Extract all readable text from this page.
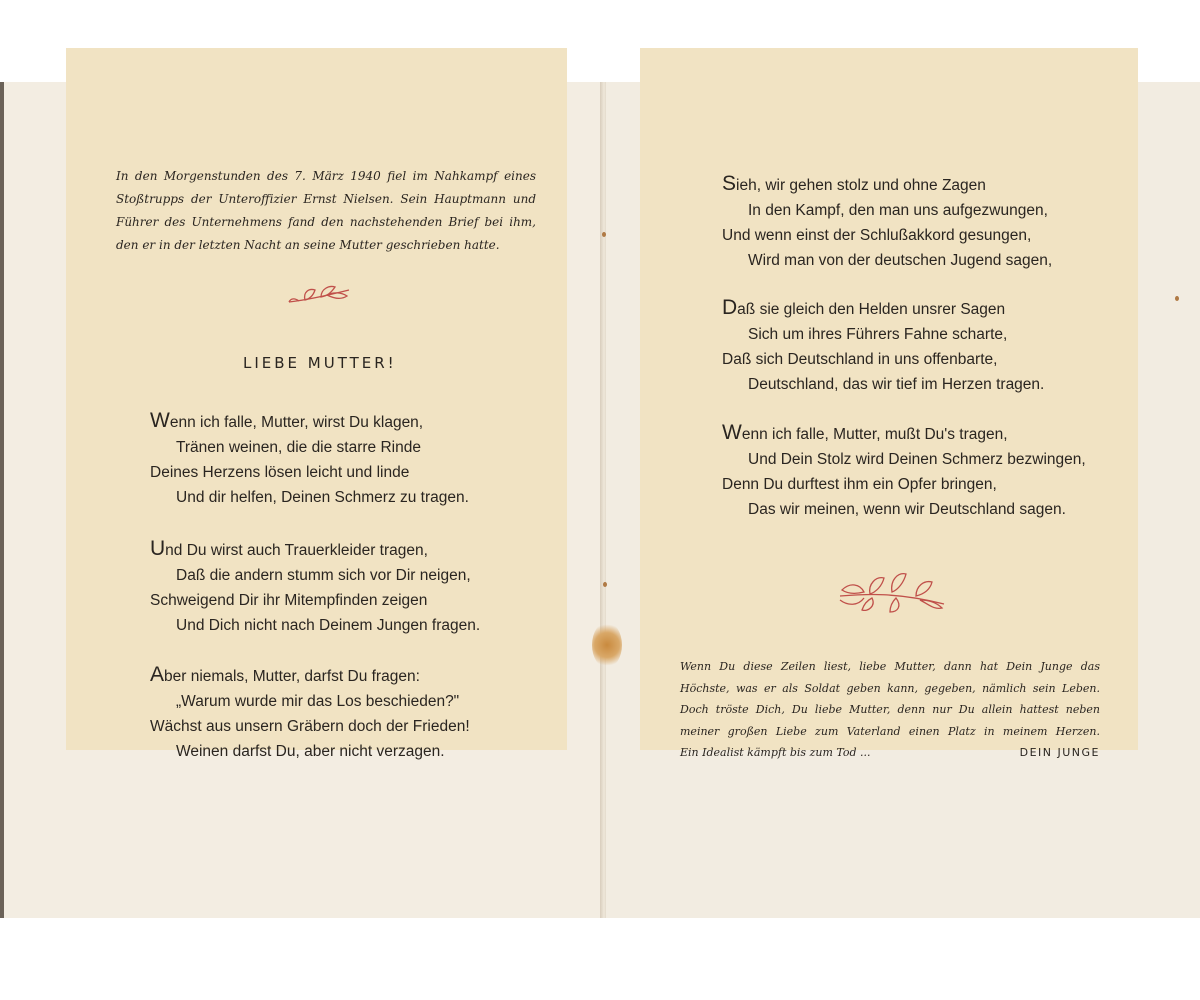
In den Morgenstunden des 7. März 1940 fiel im Nahkampf eines Stoßtrupps der Unteroffizier Ernst Nielsen. Sein Hauptmann und Führer des Unternehmens fand den nachstehenden Brief bei ihm, den er in der letzten Nacht an seine Mutter geschrieben hatte.

LIEBE MUTTER!
Wenn ich falle, Mutter, wirst Du klagen,
Tränen weinen, die die starre Rinde
Deines Herzens lösen leicht und linde
Und dir helfen, Deinen Schmerz zu tragen.
Und Du wirst auch Trauerkleider tragen,
Daß die andern stumm sich vor Dir neigen,
Schweigend Dir ihr Mitempfinden zeigen
Und Dich nicht nach Deinem Jungen fragen.
Aber niemals, Mutter, darfst Du fragen:
„Warum wurde mir das Los beschieden?"
Wächst aus unsern Gräbern doch der Frieden!
Weinen darfst Du, aber nicht verzagen.
Sieh, wir gehen stolz und ohne Zagen
In den Kampf, den man uns aufgezwungen,
Und wenn einst der Schlußakkord gesungen,
Wird man von der deutschen Jugend sagen,
Daß sie gleich den Helden unsrer Sagen
Sich um ihres Führers Fahne scharte,
Daß sich Deutschland in uns offenbarte,
Deutschland, das wir tief im Herzen tragen.
Wenn ich falle, Mutter, mußt Du's tragen,
Und Dein Stolz wird Deinen Schmerz bezwingen,
Denn Du durftest ihm ein Opfer bringen,
Das wir meinen, wenn wir Deutschland sagen.
Wenn Du diese Zeilen liest, liebe Mutter, dann hat Dein Junge das
Höchste, was er als Soldat geben kann, gegeben, nämlich sein Leben.
Doch tröste Dich, Du liebe Mutter, denn nur Du allein hattest neben
meiner großen Liebe zum Vaterland einen Platz in meinem Herzen.
Ein Idealist kämpft bis zum Tod ...	DEIN JUNGE
